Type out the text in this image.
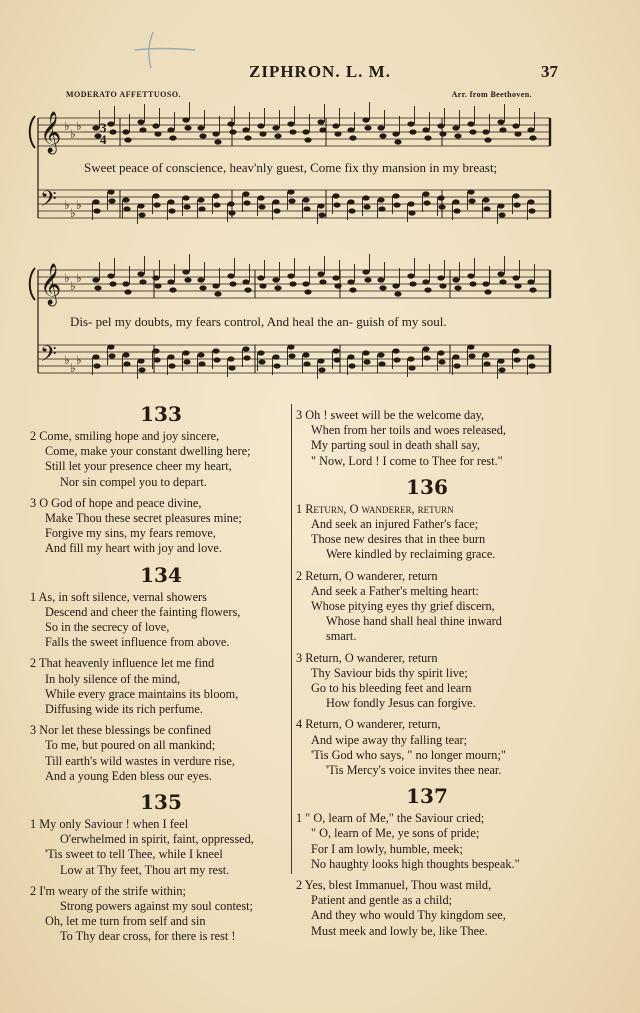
ZIPHRON. L. M.	37
MODERATO AFFETTUOSO.	Arr. from Beethoven.
𝄞
𝄢
♭
♭
♭
♭
♭
♭
3
4
𝄞
𝄢
♭
♭
♭
♭
♭
♭
Sweet peace of conscience, heav'nly guest, Come fix thy mansion in my breast;
Dis- pel my doubts, my fears control, And heal the an- guish of my soul.
133
2 Come, smiling hope and joy sincere,
Come, make your constant dwelling here;
Still let your presence cheer my heart,
Nor sin compel you to depart.
3 O God of hope and peace divine,
Make Thou these secret pleasures mine;
Forgive my sins, my fears remove,
And fill my heart with joy and love.
134
1 As, in soft silence, vernal showers
Descend and cheer the fainting flowers,
So in the secrecy of love,
Falls the sweet influence from above.
2 That heavenly influence let me find
In holy silence of the mind,
While every grace maintains its bloom,
Diffusing wide its rich perfume.
3 Nor let these blessings be confined
To me, but poured on all mankind;
Till earth's wild wastes in verdure rise,
And a young Eden bless our eyes.
135
1 My only Saviour ! when I feel
O'erwhelmed in spirit, faint, oppressed,
'Tis sweet to tell Thee, while I kneel
Low at Thy feet, Thou art my rest.
2 I'm weary of the strife within;
Strong powers against my soul contest;
Oh, let me turn from self and sin
To Thy dear cross, for there is rest !
3 Oh ! sweet will be the welcome day,
When from her toils and woes released,
My parting soul in death shall say,
" Now, Lord ! I come to Thee for rest."
136
1 Return, O wanderer, return
And seek an injured Father's face;
Those new desires that in thee burn
Were kindled by reclaiming grace.
2 Return, O wanderer, return
And seek a Father's melting heart:
Whose pitying eyes thy grief discern,
Whose hand shall heal thine inward
smart.
3 Return, O wanderer, return
Thy Saviour bids thy spirit live;
Go to his bleeding feet and learn
How fondly Jesus can forgive.
4 Return, O wanderer, return,
And wipe away thy falling tear;
'Tis God who says, " no longer mourn;"
'Tis Mercy's voice invites thee near.
137
1 " O, learn of Me," the Saviour cried;
" O, learn of Me, ye sons of pride;
For I am lowly, humble, meek;
No haughty looks high thoughts bespeak."
2 Yes, blest Immanuel, Thou wast mild,
Patient and gentle as a child;
And they who would Thy kingdom see,
Must meek and lowly be, like Thee.
